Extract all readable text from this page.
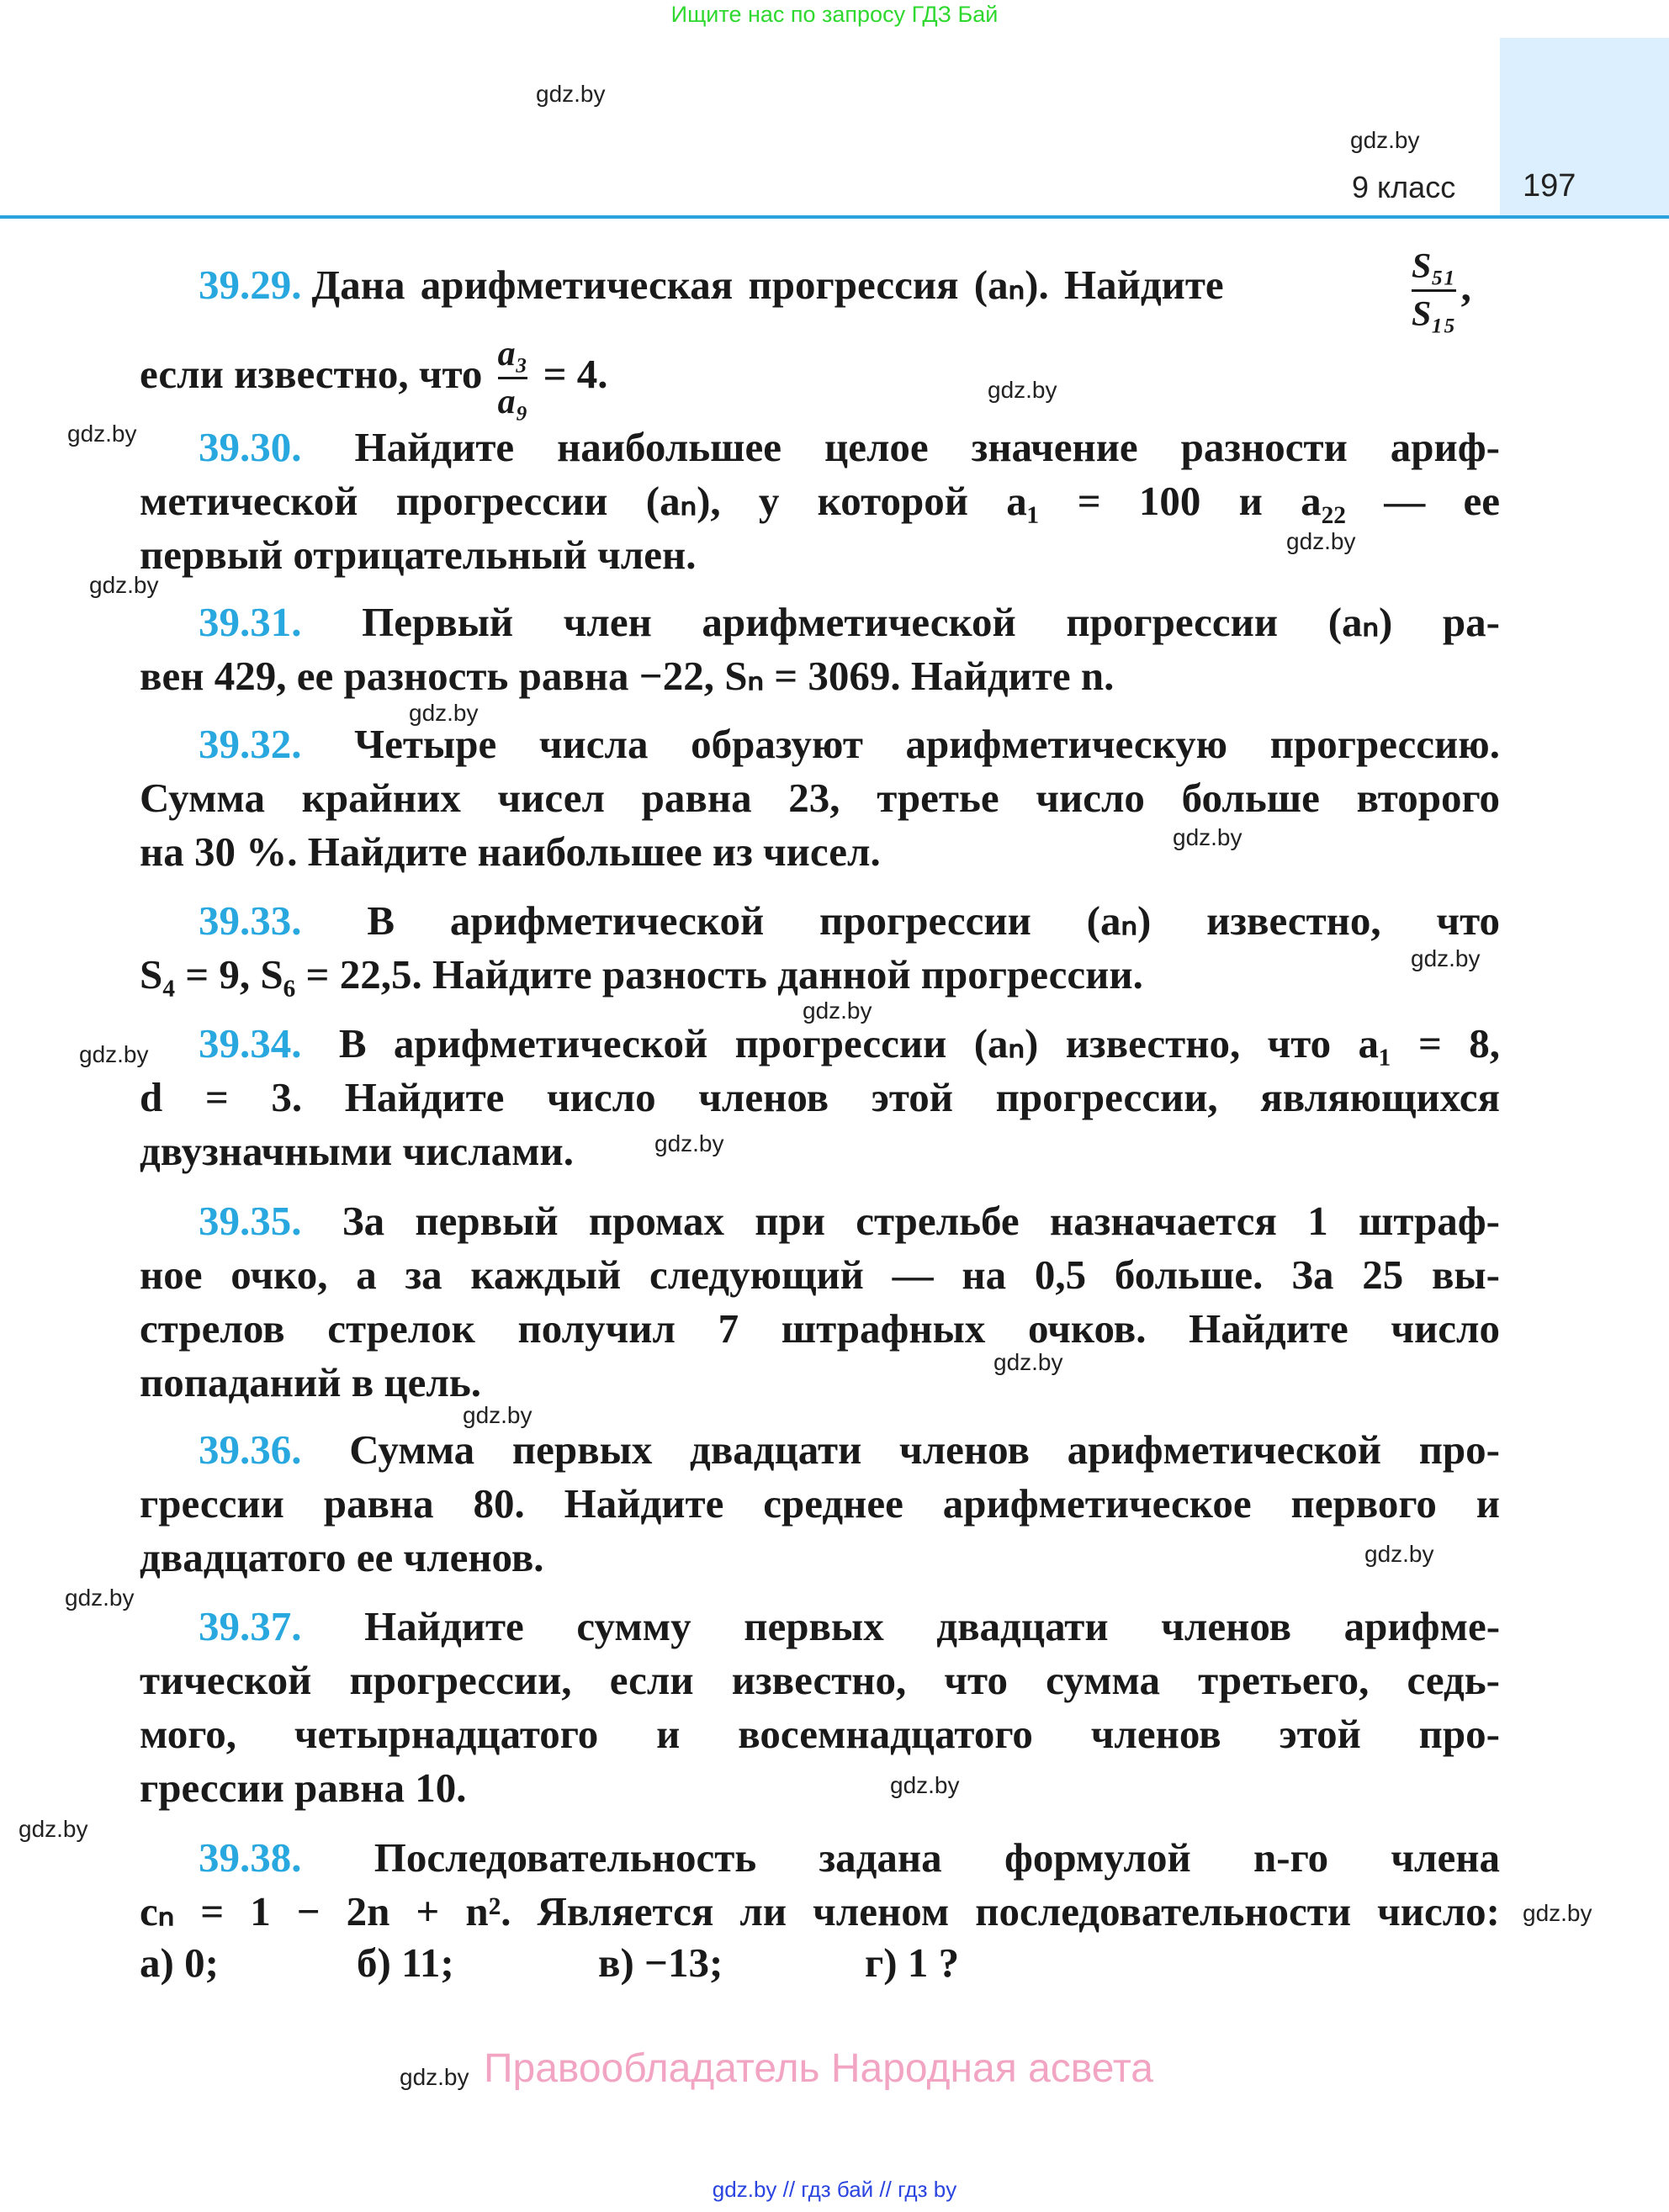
Ищите нас по запросу ГДЗ Бай
9 класс 197
39.29. Дана арифметическая прогрессия (aₙ). Найдите	$\frac{\text{S₅₁}}{\text{S₁₅}}$ ,
если известно, что $\frac{\text{a₃}}{\text{a₉}} = 4$.
39.30. Найдите наибольшее целое значение разности ариф-
метической прогрессии (aₙ), у которой a₁ = 100 и a₂₂ — ее
первый отрицательный член.
39.31. Первый член арифметической прогрессии (aₙ) ра-
вен 429, ее разность равна −22, Sₙ = 3069. Найдите n.
39.32. Четыре числа образуют арифметическую прогрессию.
Сумма крайних чисел равна 23, третье число больше второго
на 30 %. Найдите наибольшее из чисел.
39.33. В арифметической прогрессии (aₙ) известно, что
S₄ = 9, S₆ = 22,5. Найдите разность данной прогрессии.
39.34. В арифметической прогрессии (aₙ) известно, что a₁ = 8,
d = 3. Найдите число членов этой прогрессии, являющихся
двузначными числами.
39.35. За первый промах при стрельбе назначается 1 штраф-
ное очко, а за каждый следующий — на 0,5 больше. За 25 вы-
стрелов стрелок получил 7 штрафных очков. Найдите число
попаданий в цель.
39.36. Сумма первых двадцати членов арифметической про-
грессии равна 80. Найдите среднее арифметическое первого и
двадцатого ее членов.
39.37. Найдите сумму первых двадцати членов арифме-
тической прогрессии, если известно, что сумма третьего, седь-
мого, четырнадцатого и восемнадцатого членов этой про-
грессии равна 10.
39.38. Последовательность задана формулой n-го члена
cₙ = 1 − 2n + n². Является ли членом последовательности число:
а) 0;	б) 11;	в) −13;	г) 1 ?
gdz.by
gdz.by
gdz.by
gdz.by
gdz.by
gdz.by
gdz.by
gdz.by
gdz.by
gdz.by
gdz.by
gdz.by
gdz.by
gdz.by
gdz.by
gdz.by
gdz.by
gdz.by
gdz.by
gdz.by Правообладатель Народная асвета
gdz.by // гдз бай // гдз by
